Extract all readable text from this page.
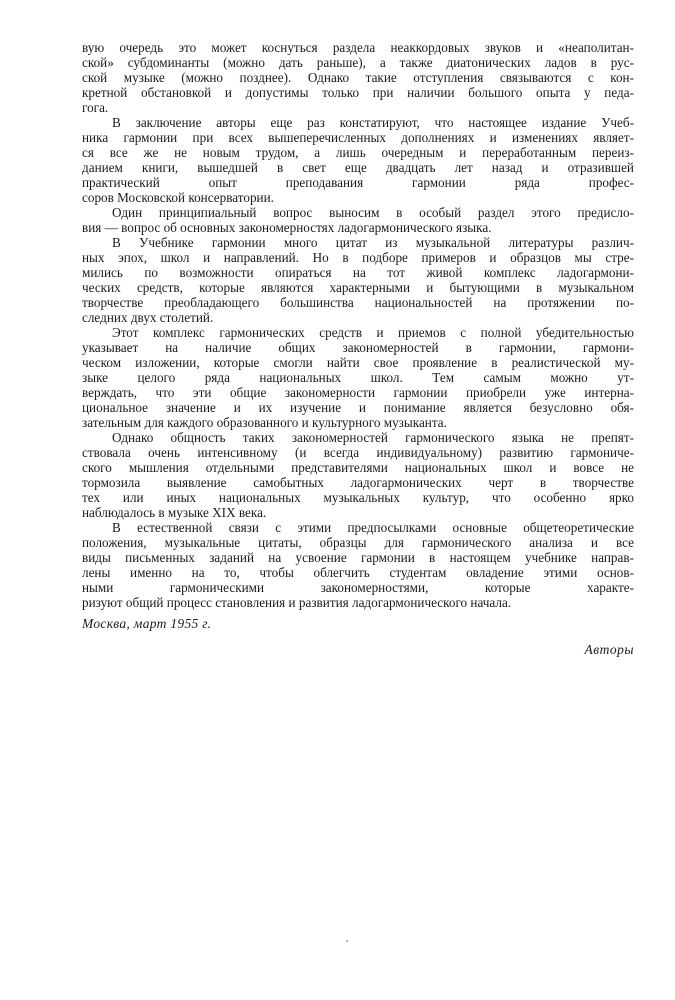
вую очередь это может коснуться раздела неаккордовых звуков и «неаполитан-
ской» субдоминанты (можно дать раньше), а также диатонических ладов в рус-
ской музыке (можно позднее). Однако такие отступления связываются с кон-
кретной обстановкой и допустимы только при наличии большого опыта у педа-
гога.
В заключение авторы еще раз констатируют, что настоящее издание Учеб-
ника гармонии при всех вышеперечисленных дополнениях и изменениях являет-
ся все же не новым трудом, а лишь очередным и переработанным переиз-
данием книги, вышедшей в свет еще двадцать лет назад и отразившей
практический опыт преподавания гармонии ряда профес-
соров Московской консерватории.
Один принципиальный вопрос выносим в особый раздел этого предисло-
вия — вопрос об основных закономерностях ладогармонического языка.
В Учебнике гармонии много цитат из музыкальной литературы различ-
ных эпох, школ и направлений. Но в подборе примеров и образцов мы стре-
мились по возможности опираться на тот живой комплекс ладогармони-
ческих средств, которые являются характерными и бытующими в музыкальном
творчестве преобладающего большинства национальностей на протяжении по-
следних двух столетий.
Этот комплекс гармонических средств и приемов с полной убедительностью
указывает на наличие общих закономерностей в гармонии, гармони-
ческом изложении, которые смогли найти свое проявление в реалистической му-
зыке целого ряда национальных школ. Тем самым можно ут-
верждать, что эти общие закономерности гармонии приобрели уже интерна-
циональное значение и их изучение и понимание является безусловно обя-
зательным для каждого образованного и культурного музыканта.
Однако общность таких закономерностей гармонического языка не препят-
ствовала очень интенсивному (и всегда индивидуальному) развитию гармониче-
ского мышления отдельными представителями национальных школ и вовсе не
тормозила выявление самобытных ладогармонических черт в творчестве
тех или иных национальных музыкальных культур, что особенно ярко
наблюдалось в музыке XIX века.
В естественной связи с этими предпосылками основные общетеоретические
положения, музыкальные цитаты, образцы для гармонического анализа и все
виды письменных заданий на усвоение гармонии в настоящем учебнике направ-
лены именно на то, чтобы облегчить студентам овладение этими основ-
ными гармоническими закономерностями, которые характе-
ризуют общий процесс становления и развития ладогармонического начала.
Москва, март 1955 г.
Авторы
